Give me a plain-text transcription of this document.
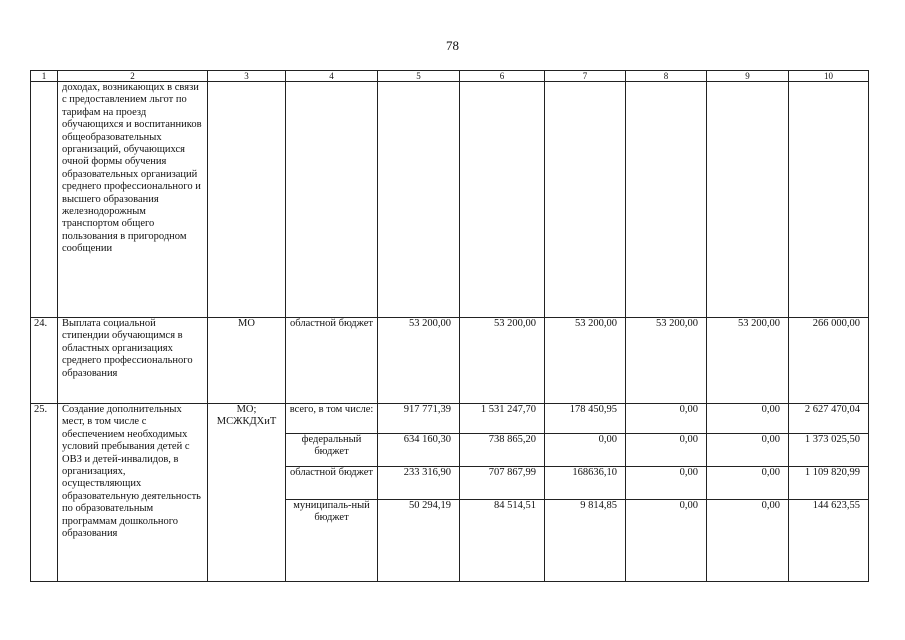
78
1	2	3	4	5	6	7	8	9	10
	доходах, возникающих в связи с предоставлением льгот по тарифам на проезд обучающихся и воспитанников общеобразовательных организаций, обучающихся очной формы обучения образовательных организаций среднего профессионального и высшего образования железнодорожным транспортом общего пользования в пригородном сообщении								
24.	Выплата социальной стипендии обучающимся в областных организациях среднего профессионального образования	МО	областной бюджет	53 200,00	53 200,00	53 200,00	53 200,00	53 200,00	266 000,00
25.	Создание дополнительных мест, в том числе с обеспечением необходимых условий пребывания детей с ОВЗ и детей-инвалидов, в организациях, осуществляющих образовательную деятельность по образовательным программам дошкольного образования	МО; МСЖКДХиТ	всего, в том числе:	917 771,39	1 531 247,70	178 450,95	0,00	0,00	2 627 470,04
			федеральный бюджет	634 160,30	738 865,20	0,00	0,00	0,00	1 373 025,50
			областной бюджет	233 316,90	707 867,99	168636,10	0,00	0,00	1 109 820,99
			муниципаль-ный бюджет	50 294,19	84 514,51	9 814,85	0,00	0,00	144 623,55
